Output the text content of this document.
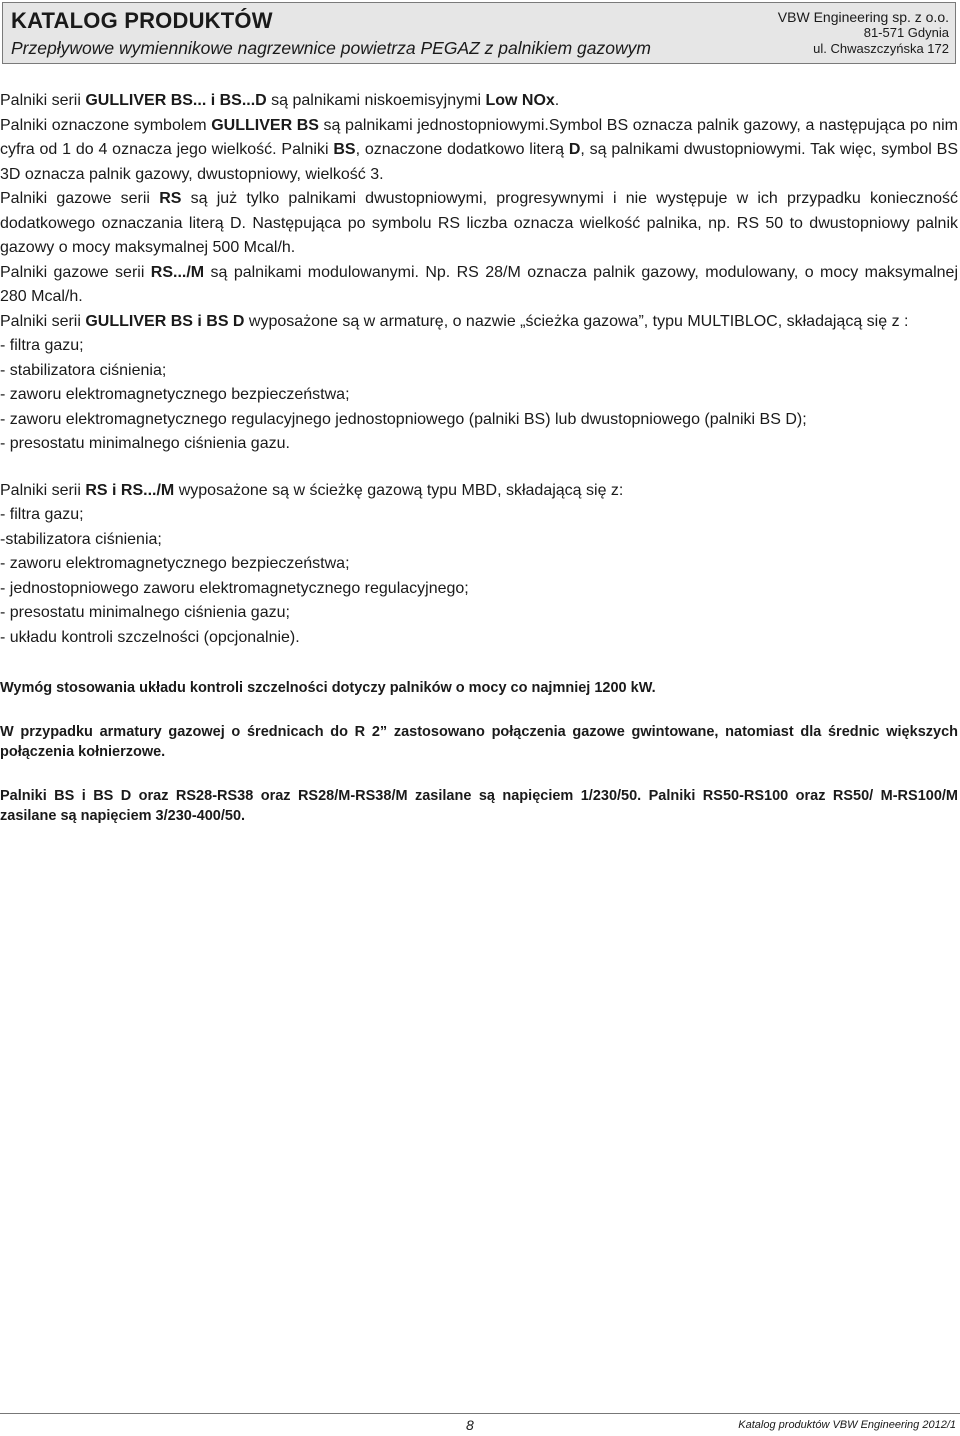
KATALOG PRODUKTÓW
Przepływowe wymiennikowe nagrzewnice powietrza PEGAZ z palnikiem gazowym
VBW Engineering sp. z o.o.
81-571 Gdynia
ul. Chwaszczyńska 172

Palniki serii GULLIVER BS... i BS...D są palnikami niskoemisyjnymi Low NOx.

Palniki oznaczone symbolem GULLIVER BS są palnikami jednostopniowymi.Symbol BS oznacza palnik gazowy, a następująca po nim cyfra od 1 do 4 oznacza jego wielkość. Palniki BS, oznaczone dodatkowo literą D, są palnikami dwustopniowymi. Tak więc, symbol BS 3D oznacza palnik gazowy, dwustopniowy, wielkość 3.

Palniki gazowe serii RS są już tylko palnikami dwustopniowymi, progresywnymi i nie występuje w ich przypadku konieczność dodatkowego oznaczania literą D. Następująca po symbolu RS liczba oznacza wielkość palnika, np. RS 50 to dwustopniowy palnik gazowy o mocy maksymalnej 500 Mcal/h.

Palniki gazowe serii RS.../M są palnikami modulowanymi. Np. RS 28/M oznacza palnik gazowy, modulowany, o mocy maksymalnej 280 Mcal/h.

Palniki serii GULLIVER BS i BS D wyposażone są w armaturę, o nazwie „ścieżka gazowa”, typu MULTIBLOC, składającą się z :

- filtra gazu;
- stabilizatora ciśnienia;
- zaworu elektromagnetycznego bezpieczeństwa;
- zaworu elektromagnetycznego regulacyjnego jednostopniowego (palniki BS) lub dwustopniowego (palniki BS D);
- presostatu minimalnego ciśnienia gazu.

Palniki serii RS i RS.../M wyposażone są w ścieżkę gazową typu MBD, składającą się z:

- filtra gazu;
-stabilizatora ciśnienia;
- zaworu elektromagnetycznego bezpieczeństwa;
- jednostopniowego zaworu elektromagnetycznego regulacyjnego;
- presostatu minimalnego ciśnienia gazu;
- układu kontroli szczelności (opcjonalnie).

Wymóg stosowania układu kontroli szczelności dotyczy palników o mocy co najmniej 1200 kW.

W przypadku armatury gazowej o średnicach do R 2” zastosowano połączenia gazowe gwintowane, natomiast dla średnic większych połączenia kołnierzowe.

Palniki BS i BS D oraz RS28-RS38 oraz RS28/M-RS38/M zasilane są napięciem 1/230/50. Palniki RS50-RS100 oraz RS50/ M-RS100/M zasilane są napięciem 3/230-400/50.

8	Katalog produktów VBW Engineering 2012/1
